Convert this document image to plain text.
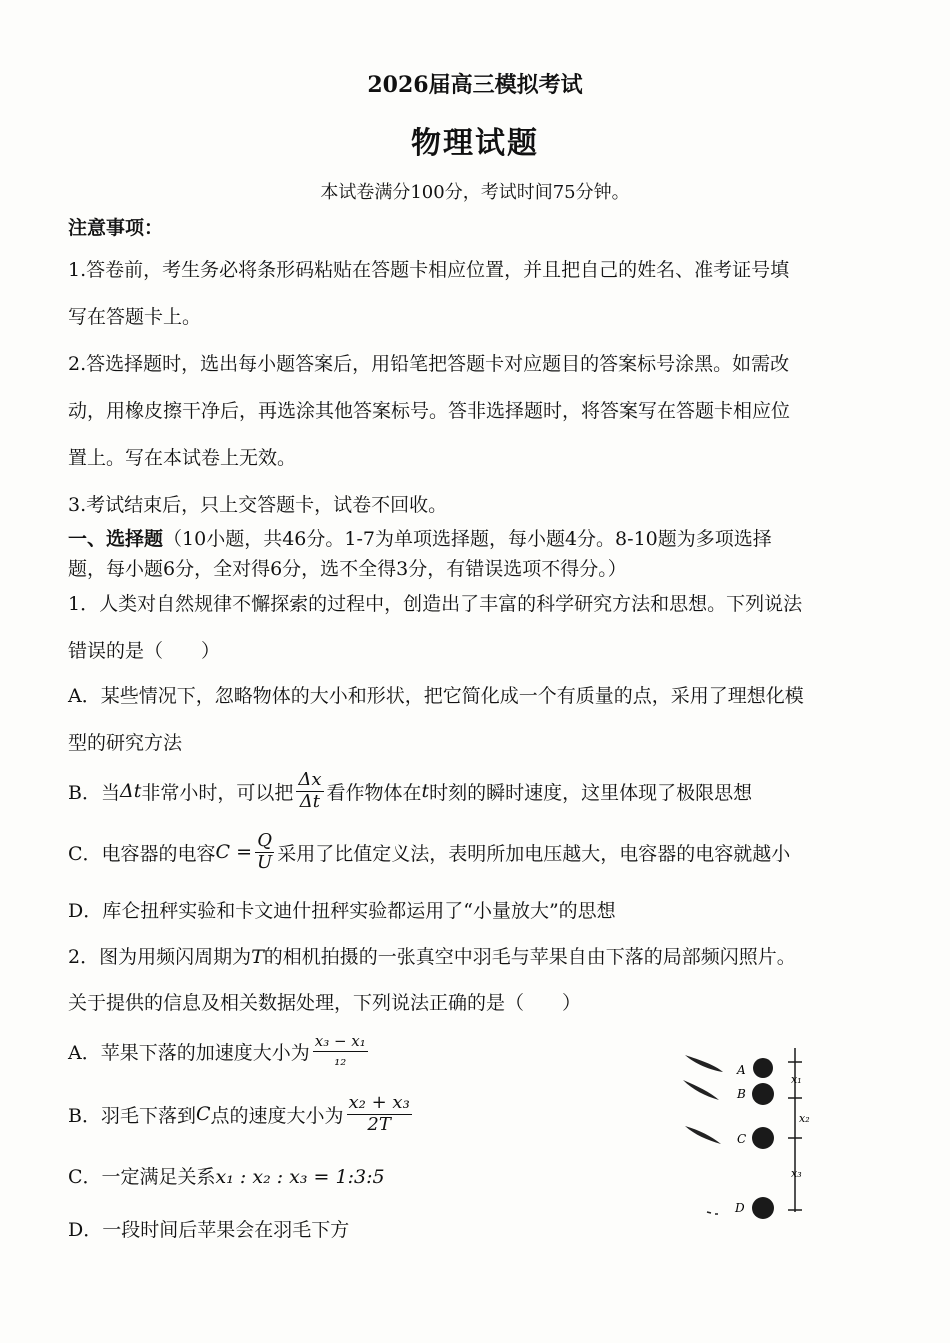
2026届高三模拟考试
物理试题
本试卷满分100分，考试时间75分钟。
注意事项：
1.答卷前，考生务必将条形码粘贴在答题卡相应位置，并且把自己的姓名、准考证号填
写在答题卡上。
2.答选择题时，选出每小题答案后，用铅笔把答题卡对应题目的答案标号涂黑。如需改
动，用橡皮擦干净后，再选涂其他答案标号。答非选择题时，将答案写在答题卡相应位
置上。写在本试卷上无效。
3.考试结束后，只上交答题卡，试卷不回收。
一、选择题（10小题，共46分。1-7为单项选择题，每小题4分。8-10题为多项选择
题，每小题6分，全对得6分，选不全得3分，有错误选项不得分。）
1．人类对自然规律不懈探索的过程中，创造出了丰富的科学研究方法和思想。下列说法
错误的是（　　）
A．某些情况下，忽略物体的大小和形状，把它简化成一个有质量的点，采用了理想化模
型的研究方法
B．当 Δt 非常小时，可以把 $\frac{\Delta x}{\Delta t}$ 看作物体在 t 时刻的瞬时速度，这里体现了极限思想
C．电容器的电容 $C = \frac{Q}{U}$ 采用了比值定义法，表明所加电压越大，电容器的电容就越小
D．库仑扭秤实验和卡文迪什扭秤实验都运用了“小量放大”的思想
2．图为用频闪周期为T的相机拍摄的一张真空中羽毛与苹果自由下落的局部频闪照片。
关于提供的信息及相关数据处理，下列说法正确的是（　　）
A．苹果下落的加速度大小为 $\frac{\text{x₃ − x₁}}{\text{₁₂}}$
B．羽毛下落到 C 点的速度大小为 $\frac{\text{x₂ + x₃}}{2T}$
C．一定满足关系x₁ : x₂ : x₃ = 1:3:5
D．一段时间后苹果会在羽毛下方
A
B
C
D
x₁
x₂
x₃
